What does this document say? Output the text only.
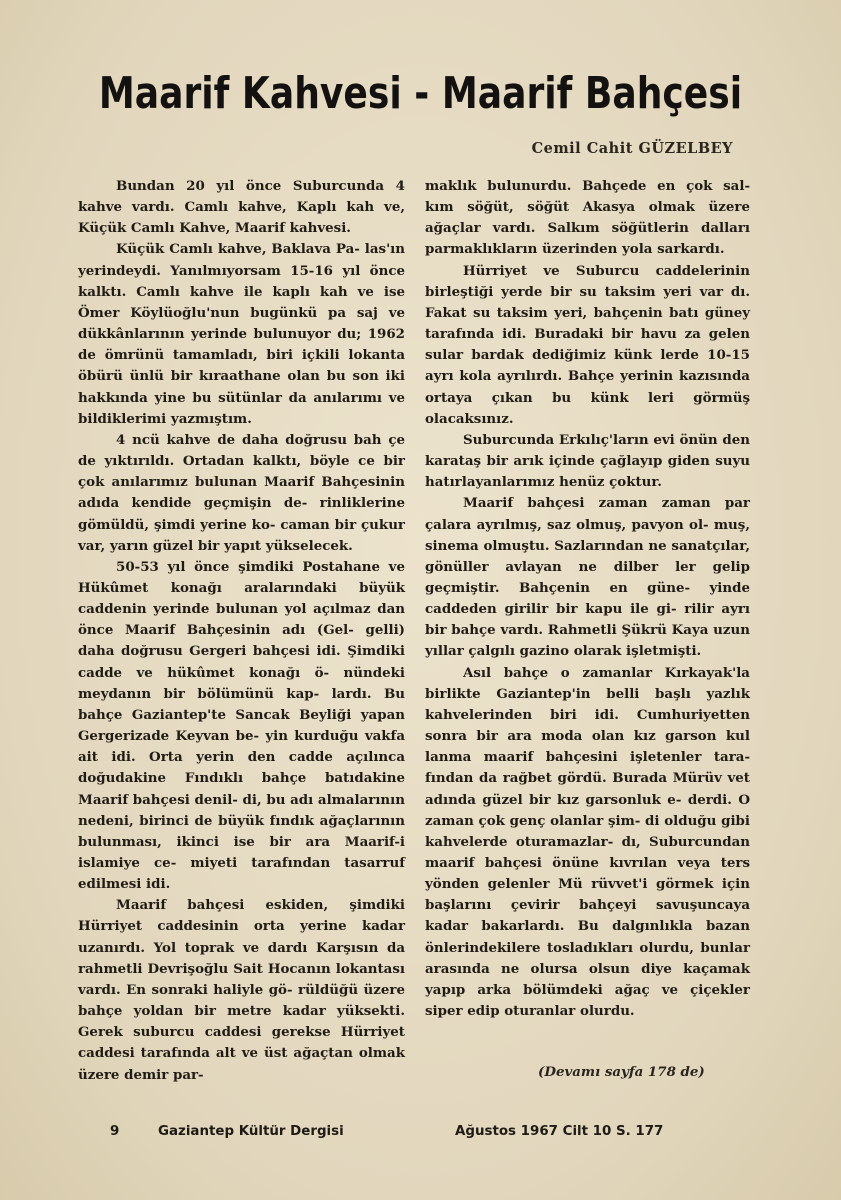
Maarif Kahvesi - Maarif Bahçesi
Cemil Cahit GÜZELBEY

Bundan 20 yıl önce Suburcunda 4 kahve vardı. Camlı kahve, Kaplı kah ve, Küçük Camlı Kahve, Maarif kahvesi.

Küçük Camlı kahve, Baklava Pa- las'ın yerindeydi. Yanılmıyorsam 15-16 yıl önce kalktı. Camlı kahve ile kaplı kah ve ise Ömer Köylüoğlu'nun bugünkü pa saj ve dükkânlarının yerinde bulunuyor du; 1962 de ömrünü tamamladı, biri içkili lokanta öbürü ünlü bir kıraathane olan bu son iki hakkında yine bu sütünlar da anılarımı ve bildiklerimi yazmıştım.

4 ncü kahve de daha doğrusu bah çe de yıktırıldı. Ortadan kalktı, böyle ce bir çok anılarımız bulunan Maarif Bahçesinin adıda kendide geçmişin de- rinliklerine gömüldü, şimdi yerine ko- caman bir çukur var, yarın güzel bir yapıt yükselecek.

50-53 yıl önce şimdiki Postahane ve Hükûmet konağı aralarındaki büyük caddenin yerinde bulunan yol açılmaz dan önce Maarif Bahçesinin adı (Gel- gelli) daha doğrusu Gergeri bahçesi idi. Şimdiki cadde ve hükûmet konağı ö- nündeki meydanın bir bölümünü kap- lardı. Bu bahçe Gaziantep'te Sancak Beyliği yapan Gergerizade Keyvan be- yin kurduğu vakfa ait idi. Orta yerin den cadde açılınca doğudakine Fındıklı bahçe batıdakine Maarif bahçesi denil- di, bu adı almalarının nedeni, birinci de büyük fındık ağaçlarının bulunması, ikinci ise bir ara Maarif-i islamiye ce- miyeti tarafından tasarruf edilmesi idi.

Maarif bahçesi eskiden, şimdiki Hürriyet caddesinin orta yerine kadar uzanırdı. Yol toprak ve dardı Karşısın da rahmetli Devrişoğlu Sait Hocanın lokantası vardı. En sonraki haliyle gö- rüldüğü üzere bahçe yoldan bir metre kadar yüksekti. Gerek suburcu caddesi gerekse Hürriyet caddesi tarafında alt ve üst ağaçtan olmak üzere demir par-

maklık bulunurdu. Bahçede en çok sal- kım söğüt, söğüt Akasya olmak üzere ağaçlar vardı. Salkım söğütlerin dalları parmaklıkların üzerinden yola sarkardı.

Hürriyet ve Suburcu caddelerinin birleştiği yerde bir su taksim yeri var dı. Fakat su taksim yeri, bahçenin batı güney tarafında idi. Buradaki bir havu za gelen sular bardak dediğimiz künk lerde 10-15 ayrı kola ayrılırdı. Bahçe yerinin kazısında ortaya çıkan bu künk leri görmüş olacaksınız.

Suburcunda Erkılıç'ların evi önün den karataş bir arık içinde çağlayıp giden suyu hatırlayanlarımız henüz çoktur.

Maarif bahçesi zaman zaman par çalara ayrılmış, saz olmuş, pavyon ol- muş, sinema olmuştu. Sazlarından ne sanatçılar, gönüller avlayan ne dilber ler gelip geçmiştir. Bahçenin en güne- yinde caddeden girilir bir kapu ile gi- rilir ayrı bir bahçe vardı. Rahmetli Şükrü Kaya uzun yıllar çalgılı gazino olarak işletmişti.

Asıl bahçe o zamanlar Kırkayak'la birlikte Gaziantep'in belli başlı yazlık kahvelerinden biri idi. Cumhuriyetten sonra bir ara moda olan kız garson kul lanma maarif bahçesini işletenler tara- fından da rağbet gördü. Burada Mürüv vet adında güzel bir kız garsonluk e- derdi. O zaman çok genç olanlar şim- di olduğu gibi kahvelerde oturamazlar- dı, Suburcundan maarif bahçesi önüne kıvrılan veya ters yönden gelenler Mü rüvvet'i görmek için başlarını çevirir bahçeyi savuşuncaya kadar bakarlardı. Bu dalgınlıkla bazan önlerindekilere tosladıkları olurdu, bunlar arasında ne olursa olsun diye kaçamak yapıp arka bölümdeki ağaç ve çiçekler siper edip oturanlar olurdu.

(Devamı sayfa 178 de)
9	Gaziantep Kültür Dergisi	Ağustos 1967 Cilt 10 S. 177
